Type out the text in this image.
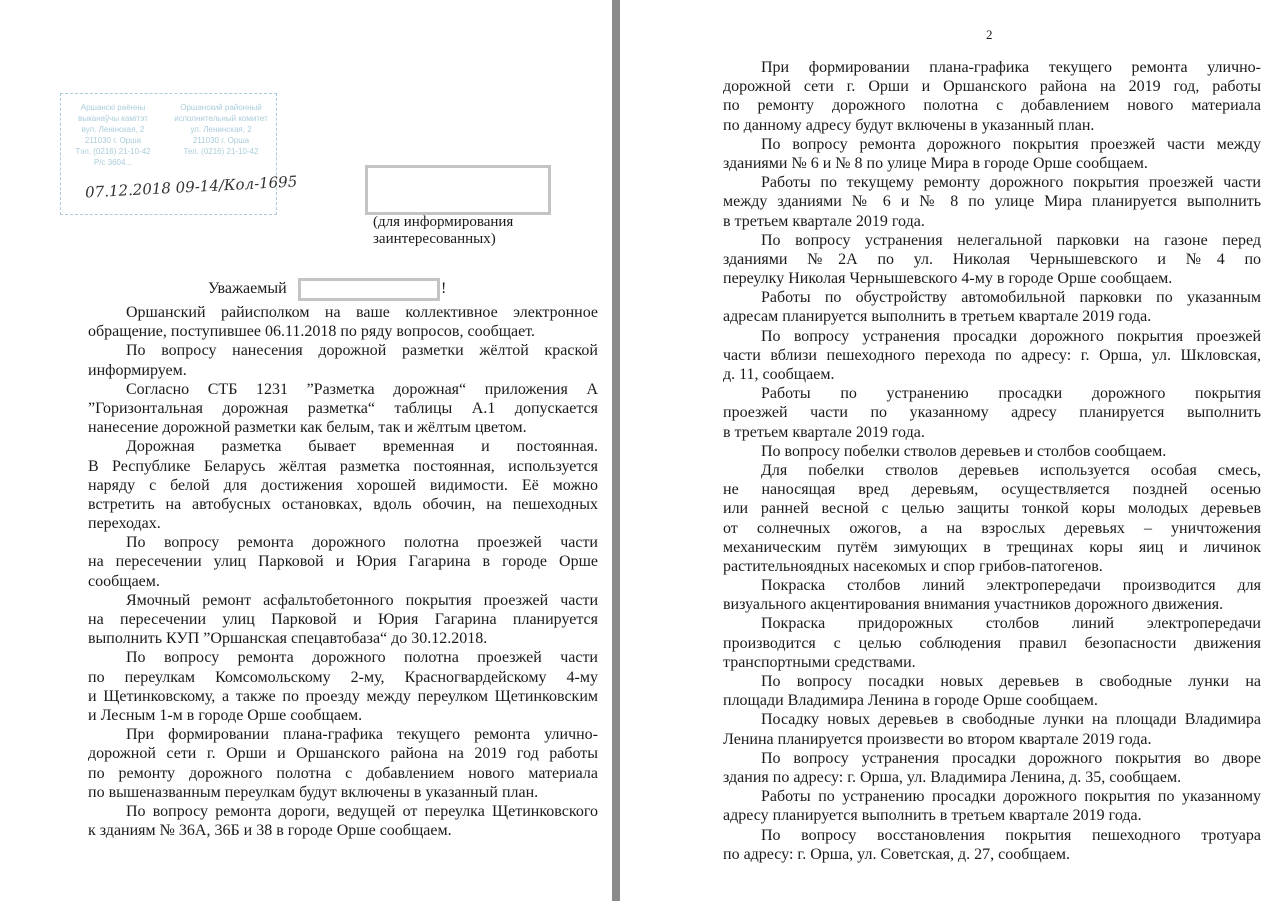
Аршанскі раённы
выканаўчы камітэт
вул. Ленінская, 2
211030 г. Орша
Тэл. (0216) 21-10-42
Р/с 3604...
Оршанский районный
исполнительный комитет
ул. Ленинская, 2
211030 г. Орша
Тел. (0216) 21-10-42
07.12.2018 09-14/Кол-1695
(для информирования
заинтересованных)
Уважаемый	!
Оршанский райисполком на ваше коллективное электронное
обращение, поступившее 06.11.2018 по ряду вопросов, сообщает.
По вопросу нанесения дорожной разметки жёлтой краской
информируем.
Согласно СТБ 1231 ”Разметка дорожная“ приложения А
”Горизонтальная дорожная разметка“ таблицы А.1 допускается
нанесение дорожной разметки как белым, так и жёлтым цветом.
Дорожная разметка бывает временная и постоянная.
В Республике Беларусь жёлтая разметка постоянная, используется
наряду с белой для достижения хорошей видимости. Её можно
встретить на автобусных остановках, вдоль обочин, на пешеходных
переходах.
По вопросу ремонта дорожного полотна проезжей части
на пересечении улиц Парковой и Юрия Гагарина в городе Орше
сообщаем.
Ямочный ремонт асфальтобетонного покрытия проезжей части
на пересечении улиц Парковой и Юрия Гагарина планируется
выполнить КУП ”Оршанская спецавтобаза“ до 30.12.2018.
По вопросу ремонта дорожного полотна проезжей части
по переулкам Комсомольскому 2-му, Красногвардейскому 4-му
и Щетинковскому, а также по проезду между переулком Щетинковским
и Лесным 1-м в городе Орше сообщаем.
При формировании плана-графика текущего ремонта улично-
дорожной сети г. Орши и Оршанского района на 2019 год работы
по ремонту дорожного полотна с добавлением нового материала
по вышеназванным переулкам будут включены в указанный план.
По вопросу ремонта дороги, ведущей от переулка Щетинковского
к зданиям № 36А, 36Б и 38 в городе Орше сообщаем.
2
При формировании плана-графика текущего ремонта улично-
дорожной сети г. Орши и Оршанского района на 2019 год, работы
по ремонту дорожного полотна с добавлением нового материала
по данному адресу будут включены в указанный план.
По вопросу ремонта дорожного покрытия проезжей части между
зданиями № 6 и № 8 по улице Мира в городе Орше сообщаем.
Работы по текущему ремонту дорожного покрытия проезжей части
между зданиями № 6 и № 8 по улице Мира планируется выполнить
в третьем квартале 2019 года.
По вопросу устранения нелегальной парковки на газоне перед
зданиями №2А по ул. Николая Чернышевского и №4 по
переулку Николая Чернышевского 4-му в городе Орше сообщаем.
Работы по обустройству автомобильной парковки по указанным
адресам планируется выполнить в третьем квартале 2019 года.
По вопросу устранения просадки дорожного покрытия проезжей
части вблизи пешеходного перехода по адресу: г. Орша, ул. Шкловская,
д. 11, сообщаем.
Работы по устранению просадки дорожного покрытия
проезжей части по указанному адресу планируется выполнить
в третьем квартале 2019 года.
По вопросу побелки стволов деревьев и столбов сообщаем.
Для побелки стволов деревьев используется особая смесь,
не наносящая вред деревьям, осуществляется поздней осенью
или ранней весной с целью защиты тонкой коры молодых деревьев
от солнечных ожогов, а на взрослых деревьях – уничтожения
механическим путём зимующих в трещинах коры яиц и личинок
растительноядных насекомых и спор грибов-патогенов.
Покраска столбов линий электропередачи производится для
визуального акцентирования внимания участников дорожного движения.
Покраска придорожных столбов линий электропередачи
производится с целью соблюдения правил безопасности движения
транспортными средствами.
По вопросу посадки новых деревьев в свободные лунки на
площади Владимира Ленина в городе Орше сообщаем.
Посадку новых деревьев в свободные лунки на площади Владимира
Ленина планируется произвести во втором квартале 2019 года.
По вопросу устранения просадки дорожного покрытия во дворе
здания по адресу: г. Орша, ул. Владимира Ленина, д. 35, сообщаем.
Работы по устранению просадки дорожного покрытия по указанному
адресу планируется выполнить в третьем квартале 2019 года.
По вопросу восстановления покрытия пешеходного тротуара
по адресу: г. Орша, ул. Советская, д. 27, сообщаем.
